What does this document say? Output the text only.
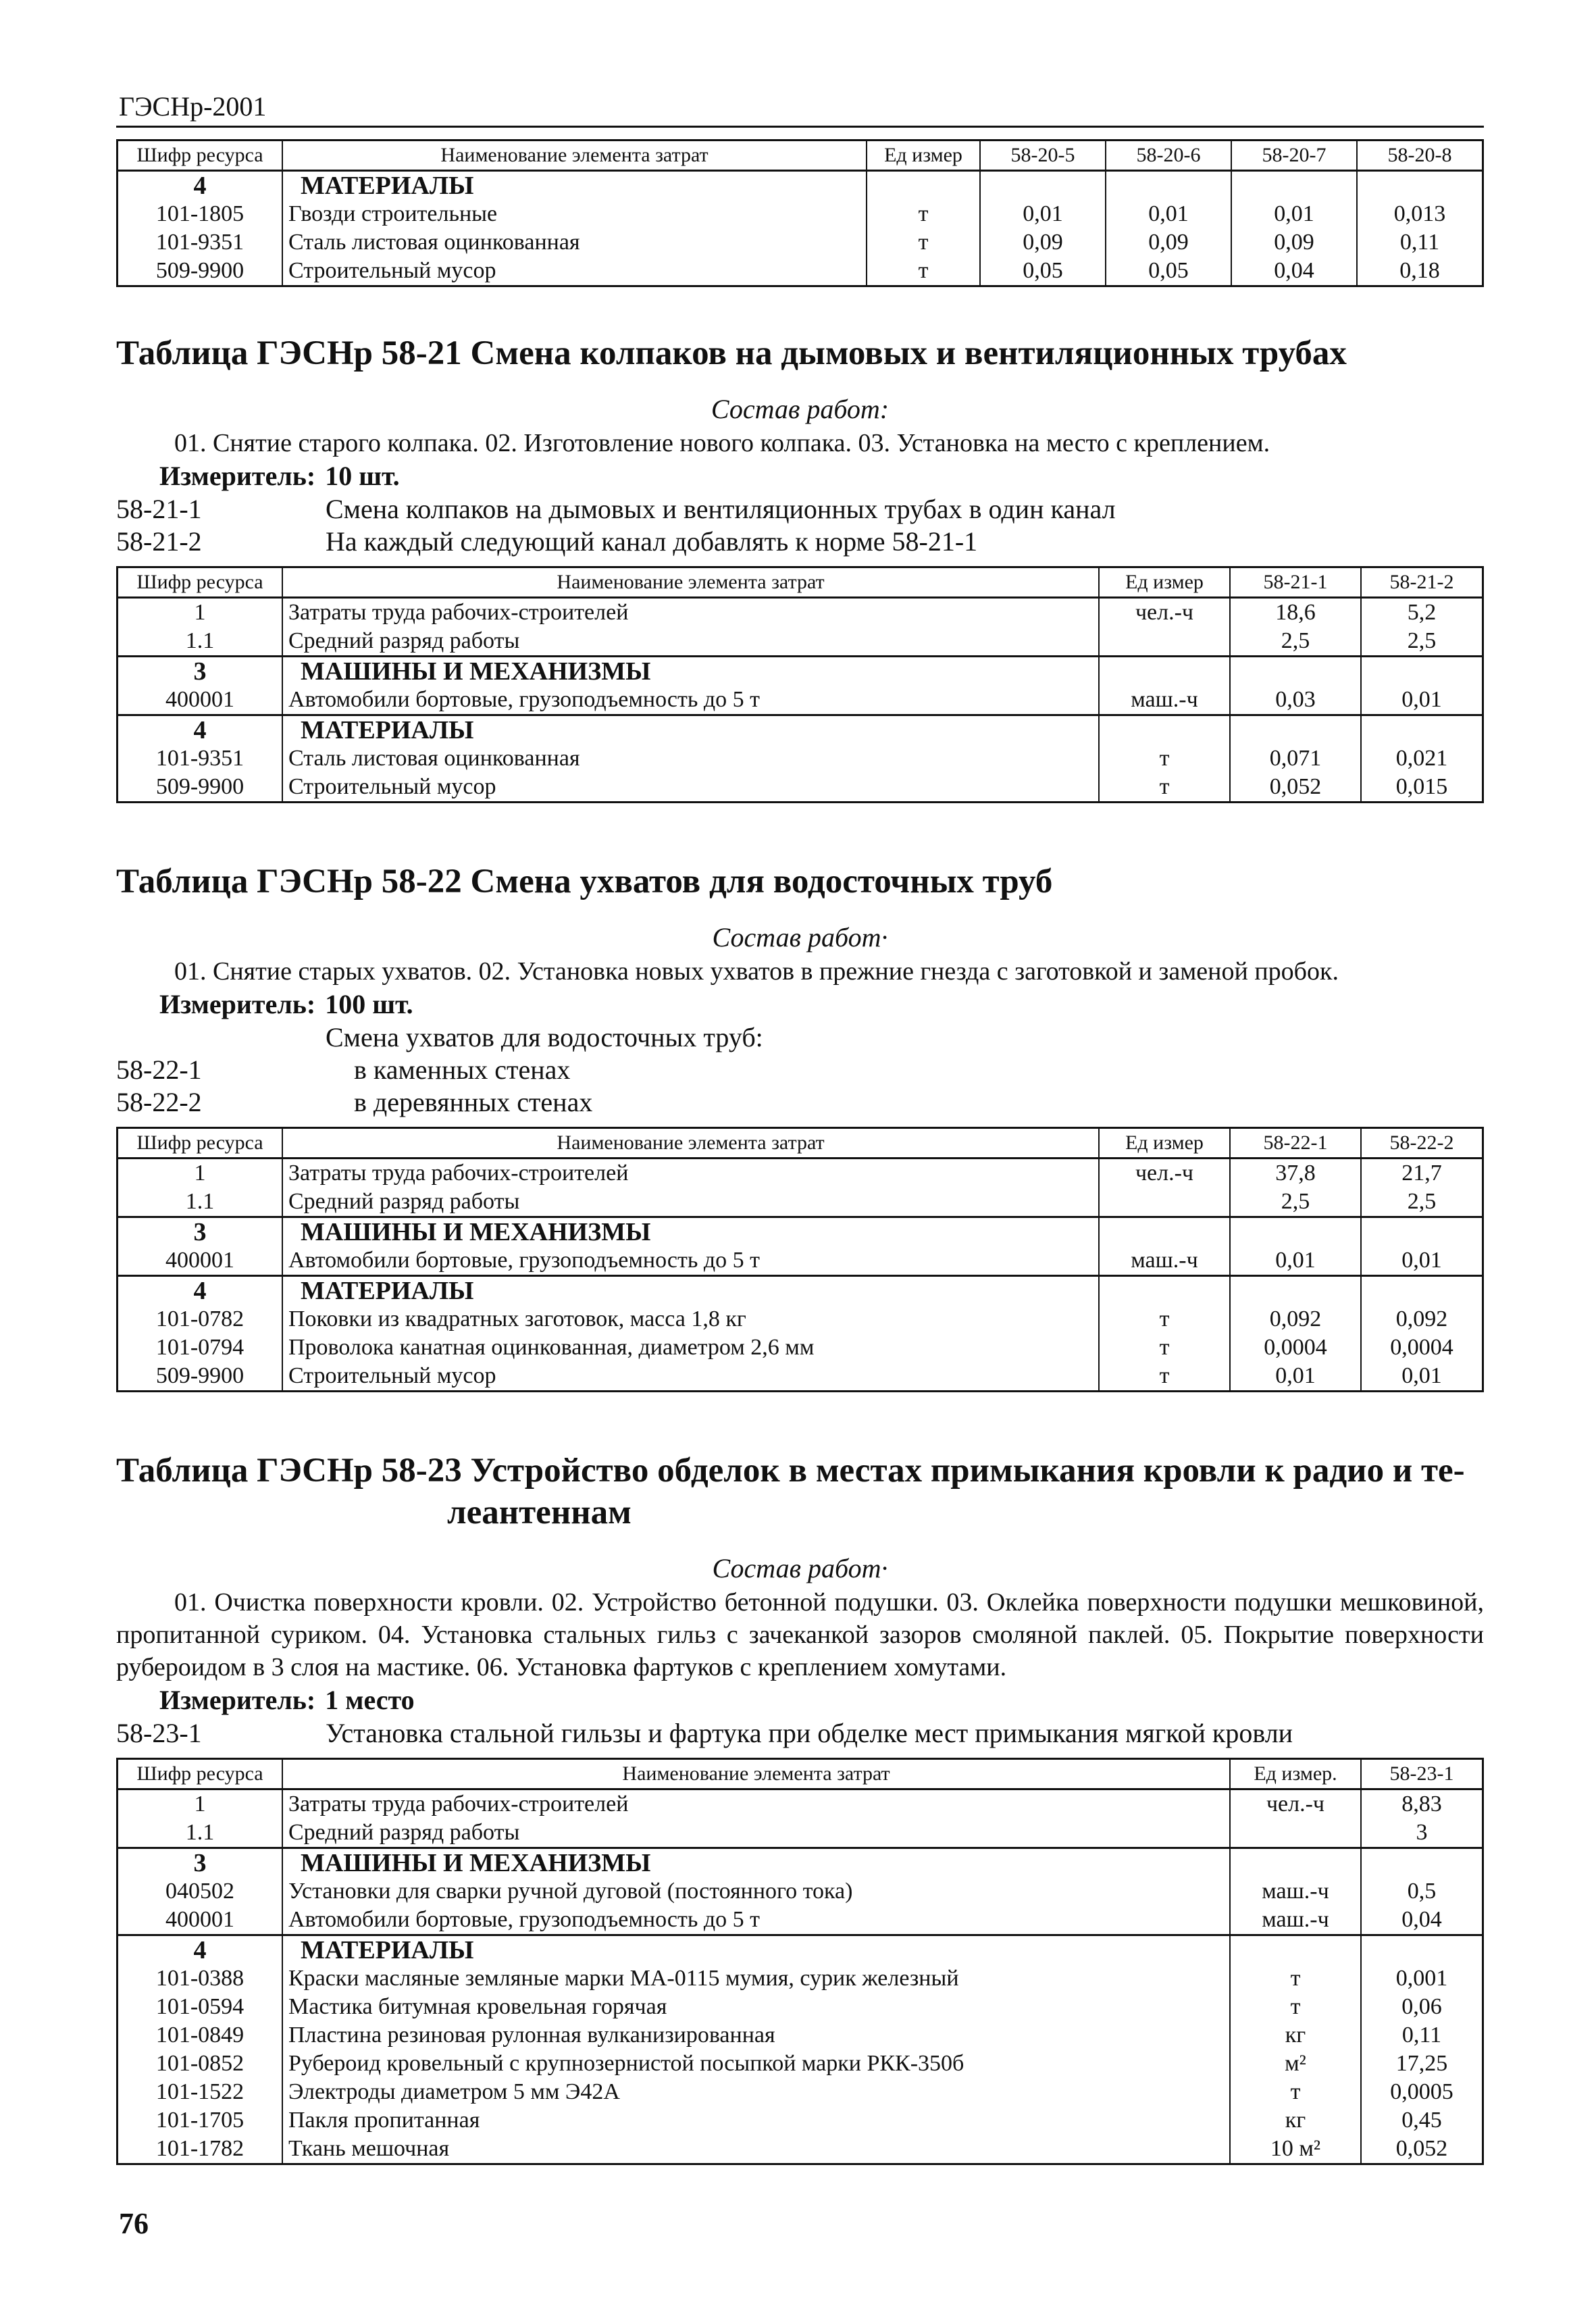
ГЭСНр-2001
Шифр ресурса	Наименование элемента затрат	Ед измер	58-20-5	58-20-6	58-20-7	58-20-8
4	МАТЕРИАЛЫ					
101-1805	Гвозди строительные	т	0,01	0,01	0,01	0,013
101-9351	Сталь листовая оцинкованная	т	0,09	0,09	0,09	0,11
509-9900	Строительный мусор	т	0,05	0,05	0,04	0,18
Таблица ГЭСНр 58-21 Смена колпаков на дымовых и вентиляционных трубах
Состав работ:

01. Снятие старого колпака. 02. Изготовление нового колпака. 03. Установка на место с креплением.

Измеритель: 10 шт.
58-21-1	Смена колпаков на дымовых и вентиляционных трубах в один канал
58-21-2	На каждый следующий канал добавлять к норме 58-21-1
Шифр ресурса	Наименование элемента затрат	Ед измер	58-21-1	58-21-2
1	Затраты труда рабочих-строителей	чел.-ч	18,6	5,2
1.1	Средний разряд работы		2,5	2,5
3	МАШИНЫ И МЕХАНИЗМЫ			
400001	Автомобили бортовые, грузоподъемность до 5 т	маш.-ч	0,03	0,01
4	МАТЕРИАЛЫ			
101-9351	Сталь листовая оцинкованная	т	0,071	0,021
509-9900	Строительный мусор	т	0,052	0,015
Таблица ГЭСНр 58-22 Смена ухватов для водосточных труб
Состав работ·

01. Снятие старых ухватов. 02. Установка новых ухватов в прежние гнезда с заготовкой и заменой пробок.

Измеритель: 100 шт.
Смена ухватов для водосточных труб:
58-22-1	в каменных стенах
58-22-2	в деревянных стенах
Шифр ресурса	Наименование элемента затрат	Ед измер	58-22-1	58-22-2
1	Затраты труда рабочих-строителей	чел.-ч	37,8	21,7
1.1	Средний разряд работы		2,5	2,5
3	МАШИНЫ И МЕХАНИЗМЫ			
400001	Автомобили бортовые, грузоподъемность до 5 т	маш.-ч	0,01	0,01
4	МАТЕРИАЛЫ			
101-0782	Поковки из квадратных заготовок, масса 1,8 кг	т	0,092	0,092
101-0794	Проволока канатная оцинкованная, диаметром 2,6 мм	т	0,0004	0,0004
509-9900	Строительный мусор	т	0,01	0,01
Таблица ГЭСНр 58-23 Устройство обделок в местах примыкания кровли к радио и те-
леантеннам
Состав работ·

01. Очистка поверхности кровли. 02. Устройство бетонной подушки. 03. Оклейка поверхности подушки мешковиной, пропитанной суриком. 04. Установка стальных гильз с зачеканкой зазоров смоляной паклей. 05. Покрытие поверхности рубероидом в 3 слоя на мастике. 06. Установка фартуков с креплением хомутами.

Измеритель: 1 место
58-23-1	Установка стальной гильзы и фартука при обделке мест примыкания мягкой кровли
Шифр ресурса	Наименование элемента затрат	Ед измер.	58-23-1
1	Затраты труда рабочих-строителей	чел.-ч	8,83
1.1	Средний разряд работы		3
3	МАШИНЫ И МЕХАНИЗМЫ		
040502	Установки для сварки ручной дуговой (постоянного тока)	маш.-ч	0,5
400001	Автомобили бортовые, грузоподъемность до 5 т	маш.-ч	0,04
4	МАТЕРИАЛЫ		
101-0388	Краски масляные земляные марки МА-0115 мумия, сурик железный	т	0,001
101-0594	Мастика битумная кровельная горячая	т	0,06
101-0849	Пластина резиновая рулонная вулканизированная	кг	0,11
101-0852	Рубероид кровельный с крупнозернистой посыпкой марки РКК-350б	м²	17,25
101-1522	Электроды диаметром 5 мм Э42А	т	0,0005
101-1705	Пакля пропитанная	кг	0,45
101-1782	Ткань мешочная	10 м²	0,052
76
